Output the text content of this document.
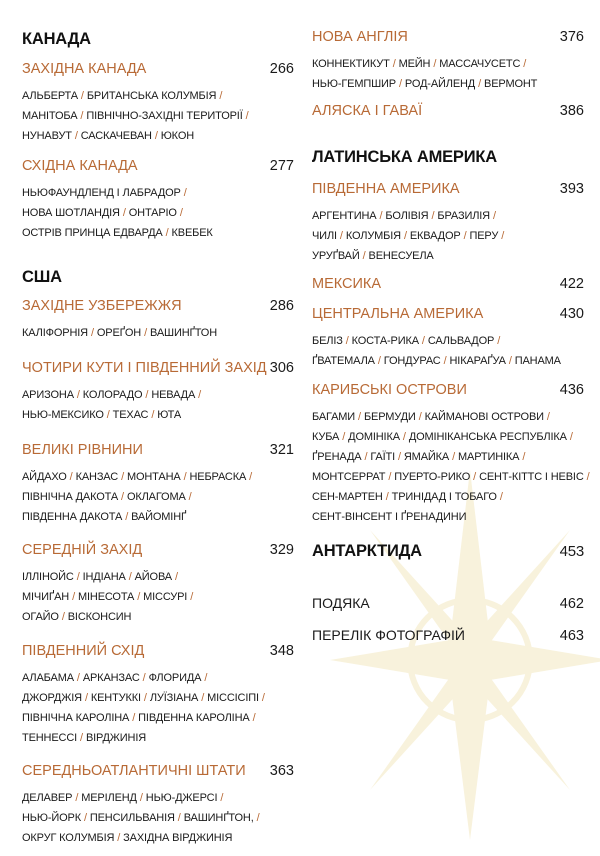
КАНАДА
ЗАХІДНА КАНАДА	266
АЛЬБЕРТА / БРИТАНСЬКА КОЛУМБІЯ /
МАНІТОБА / ПІВНІЧНО-ЗАХІДНІ ТЕРИТОРІЇ /
НУНАВУТ / САСКАЧЕВАН / ЮКОН
СХІДНА КАНАДА	277
НЬЮФАУНДЛЕНД І ЛАБРАДОР /
НОВА ШОТЛАНДІЯ / ОНТАРІО /
ОСТРІВ ПРИНЦА ЕДВАРДА / КВЕБЕК
США
ЗАХІДНЕ УЗБЕРЕЖЖЯ	286
КАЛІФОРНІЯ / ОРЕҐОН / ВАШИНҐТОН
ЧОТИРИ КУТИ І ПІВДЕННИЙ ЗАХІД 306
АРИЗОНА / КОЛОРАДО / НЕВАДА /
НЬЮ-МЕКСИКО / ТЕХАС / ЮТА
ВЕЛИКІ РІВНИНИ	321
АЙДАХО / КАНЗАС / МОНТАНА / НЕБРАСКА /
ПІВНІЧНА ДАКОТА / ОКЛАГОМА /
ПІВДЕННА ДАКОТА / ВАЙОМІНҐ
СЕРЕДНІЙ ЗАХІД	329
ІЛЛІНОЙС / ІНДІАНА / АЙОВА /
МІЧИҐАН / МІНЕСОТА / МІССУРІ /
ОГАЙО / ВІСКОНСИН
ПІВДЕННИЙ СХІД	348
АЛАБАМА / АРКАНЗАС / ФЛОРИДА /
ДЖОРДЖІЯ / КЕНТУККІ / ЛУЇЗІАНА / МІССІСІПІ /
ПІВНІЧНА КАРОЛІНА / ПІВДЕННА КАРОЛІНА /
ТЕННЕССІ / ВІРДЖИНІЯ
СЕРЕДНЬОАТЛАНТИЧНІ ШТАТИ 363
ДЕЛАВЕР / МЕРІЛЕНД / НЬЮ-ДЖЕРСІ /
НЬЮ-ЙОРК / ПЕНСИЛЬВАНІЯ / ВАШИНҐТОН, /
ОКРУГ КОЛУМБІЯ / ЗАХІДНА ВІРДЖИНІЯ
НОВА АНГЛІЯ	376
КОННЕКТИКУТ / МЕЙН / МАССАЧУСЕТС /
НЬЮ-ГЕМПШИР / РОД-АЙЛЕНД / ВЕРМОНТ
АЛЯСКА І ГАВАЇ	386
ЛАТИНСЬКА АМЕРИКА
ПІВДЕННА АМЕРИКА	393
АРГЕНТИНА / БОЛІВІЯ / БРАЗИЛІЯ /
ЧИЛІ / КОЛУМБІЯ / ЕКВАДОР / ПЕРУ /
УРУҐВАЙ / ВЕНЕСУЕЛА
МЕКСИКА	422
ЦЕНТРАЛЬНА АМЕРИКА	430
БЕЛІЗ / КОСТА-РИКА / САЛЬВАДОР /
ҐВАТЕМАЛА / ГОНДУРАС / НІКАРАҐУА / ПАНАМА
КАРИБСЬКІ ОСТРОВИ	436
БАГАМИ / БЕРМУДИ / КАЙМАНОВІ ОСТРОВИ /
КУБА / ДОМІНІКА / ДОМІНІКАНСЬКА РЕСПУБЛІКА /
ҐРЕНАДА / ГАЇТІ / ЯМАЙКА / МАРТИНІКА /
МОНТСЕРРАТ / ПУЕРТО-РИКО / СЕНТ-КІТТС І НЕВІС /
СЕН-МАРТЕН / ТРИНІДАД І ТОБАГО /
СЕНТ-ВІНСЕНТ І ҐРЕНАДИНИ
АНТАРКТИДА	453
ПОДЯКА	462
ПЕРЕЛІК ФОТОГРАФІЙ	463
